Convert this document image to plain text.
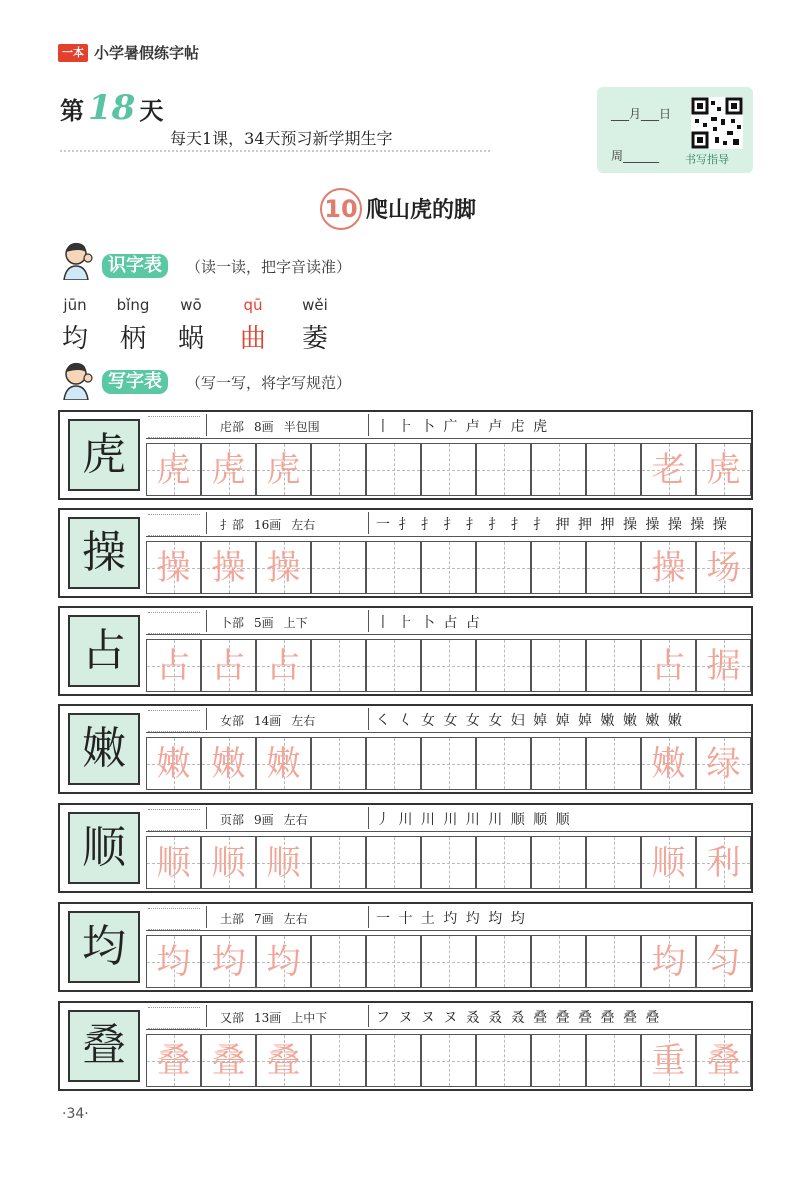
一本 小学暑假练字帖
第 18 天
每天1课，34天预习新学期生字
___月___日
周______ 书写指导
10 爬山虎的脚
识字表	（读一读，把字音读准）
jūn	bǐng	wō	qū	wěi
均	柄	蜗	曲	萎
写字表	（写一写，将字写规范）
虎
虍部 8画 半包围	丨 ⺊ 卜 广 卢 卢 虍 虎
虎 虎 虎	老 虎
操
扌部 16画 左右	一 扌 扌 扌 扌 扌 扌 扌 押 押 押 操 操 操 操 操
操 操 操	操 场
占
卜部 5画 上下	丨 ⺊ 卜 占 占
占 占 占	占 据
嫩
女部 14画 左右	㇛ 𡿨 女 女 女 女 妇 婥 婥 婥 嫩 嫩 嫩 嫩
嫩 嫩 嫩	嫩 绿
顺
页部 9画 左右	丿 川 川 川 川 川 顺 顺 顺
顺 顺 顺	顺 利
均
土部 7画 左右	一 十 土 圴 圴 均 均
均 均 均	均 匀
叠
又部 13画 上中下	フ ヌ ヌ ヌ 叒 叒 叒 叠 叠 叠 叠 叠 叠
叠 叠 叠	重 叠
·34·
